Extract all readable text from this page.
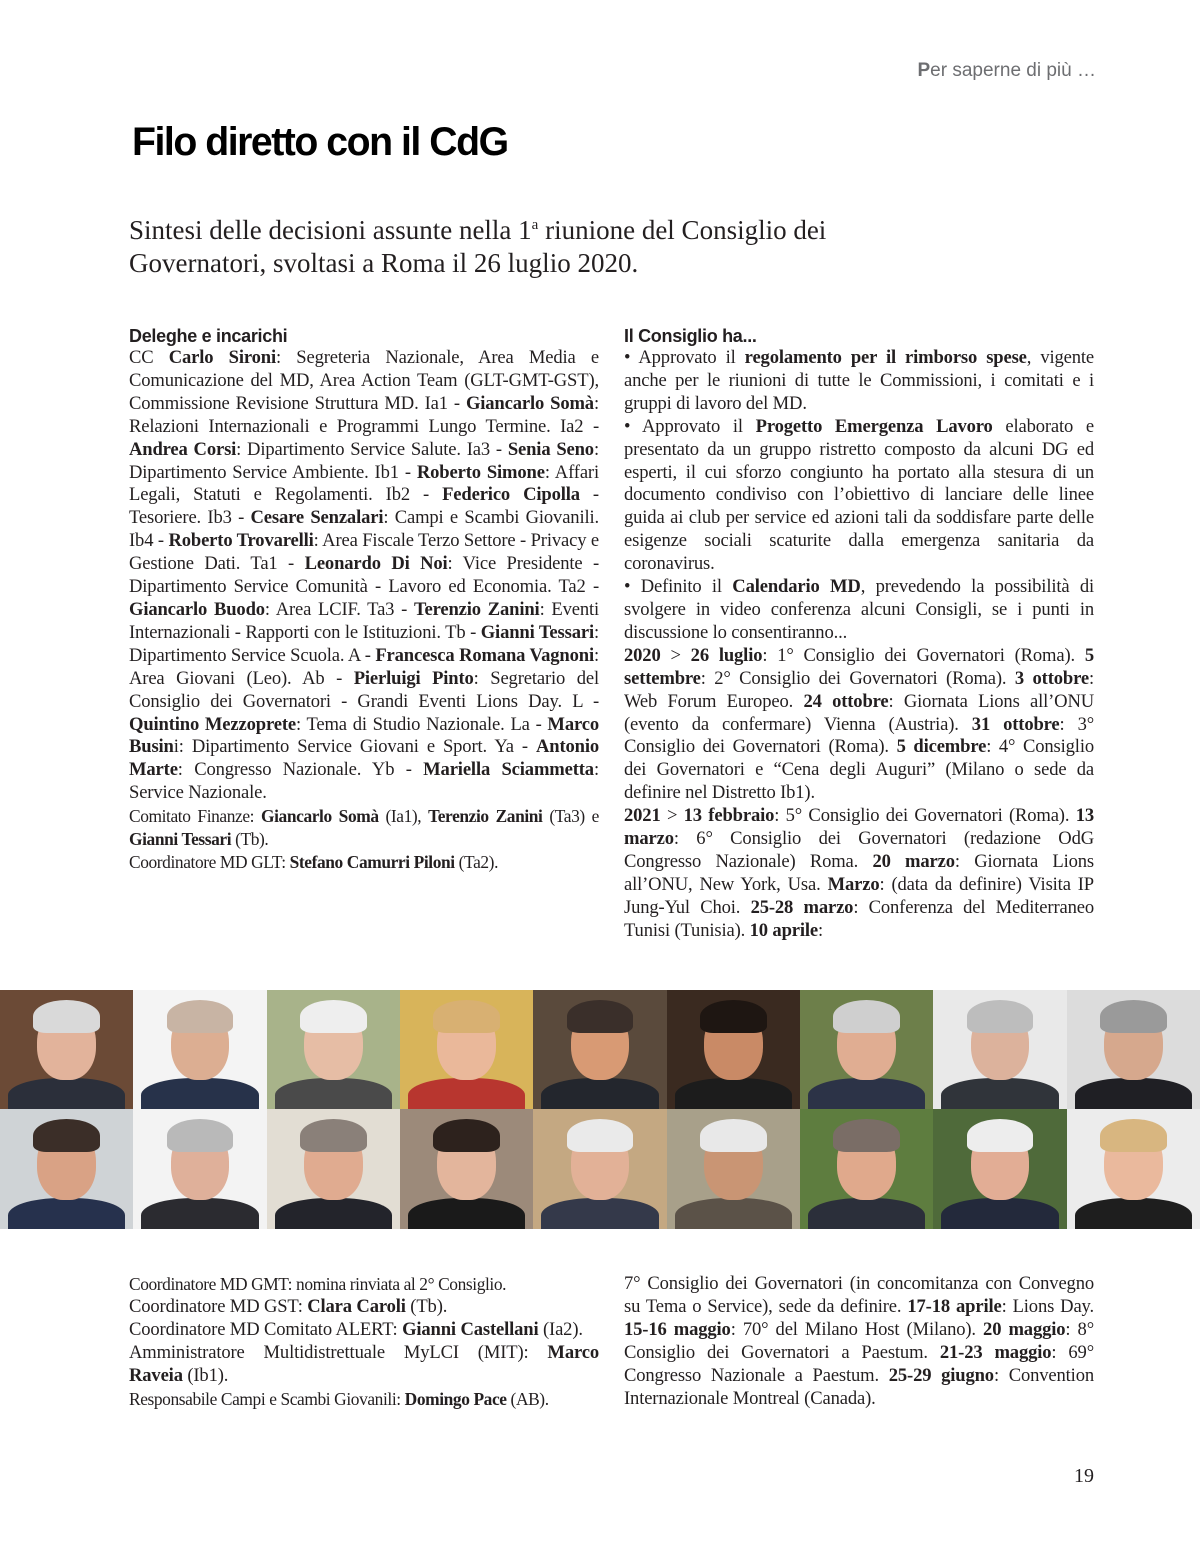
Per saperne di più …
Filo diretto con il CdG

Sintesi delle decisioni assunte nella 1$^a$ riunione del Consiglio dei Governatori, svoltasi a Roma il 26 luglio 2020.

Deleghe e incarichi

CC Carlo Sironi: Segreteria Nazionale, Area Media e Comunicazione del MD, Area Action Team (GLT-GMT-GST), Commissione Revisione Struttura MD. Ia1 - Giancarlo Somà: Relazioni Internazionali e Programmi Lungo Termine. Ia2 - Andrea Corsi: Dipartimento Service Salute. Ia3 - Senia Seno: Dipartimento Service Ambiente. Ib1 - Roberto Simone: Affari Legali, Statuti e Regolamenti. Ib2 - Federico Cipolla - Tesoriere. Ib3 - Cesare Senzalari: Campi e Scambi Giovanili. Ib4 - Roberto Trovarelli: Area Fiscale Terzo Settore - Privacy e Gestione Dati. Ta1 - Leonardo Di Noi: Vice Presidente - Dipartimento Service Comunità - Lavoro ed Economia. Ta2 - Giancarlo Buodo: Area LCIF. Ta3 - Terenzio Zanini: Eventi Internazionali - Rapporti con le Istituzioni. Tb - Gianni Tessari: Dipartimento Service Scuola. A - Francesca Romana Vagnoni: Area Giovani (Leo). Ab - Pierluigi Pinto: Segretario del Consiglio dei Governatori - Grandi Eventi Lions Day. L - Quintino Mezzoprete: Tema di Studio Nazionale. La - Marco Busini: Dipartimento Service Giovani e Sport. Ya - Antonio Marte: Congresso Nazionale. Yb - Mariella Sciammetta: Service Nazionale.

Comitato Finanze: Giancarlo Somà (Ia1), Terenzio Zanini (Ta3) e Gianni Tessari (Tb).

Coordinatore MD GLT: Stefano Camurri Piloni (Ta2).

Il Consiglio ha...

• Approvato il regolamento per il rimborso spese, vigente anche per le riunioni di tutte le Commissioni, i comitati e i gruppi di lavoro del MD.

• Approvato il Progetto Emergenza Lavoro elaborato e presentato da un gruppo ristretto composto da alcuni DG ed esperti, il cui sforzo congiunto ha portato alla stesura di un documento condiviso con l’obiettivo di lanciare delle linee guida ai club per service ed azioni tali da soddisfare parte delle esigenze sociali scaturite dalla emergenza sanitaria da coronavirus.

• Definito il Calendario MD, prevedendo la possibilità di svolgere in video conferenza alcuni Consigli, se i punti in discussione lo consentiranno...

2020 > 26 luglio: 1° Consiglio dei Governatori (Roma). 5 settembre: 2° Consiglio dei Governatori (Roma). 3 ottobre: Web Forum Europeo. 24 ottobre: Giornata Lions all’ONU (evento da confermare) Vienna (Austria). 31 ottobre: 3° Consiglio dei Governatori (Roma). 5 dicembre: 4° Consiglio dei Governatori e “Cena degli Auguri” (Milano o sede da definire nel Distretto Ib1).

2021 > 13 febbraio: 5° Consiglio dei Governatori (Roma). 13 marzo: 6° Consiglio dei Governatori (redazione OdG Congresso Nazionale) Roma. 20 marzo: Giornata Lions all’ONU, New York, Usa. Marzo: (data da definire) Visita IP Jung-Yul Choi. 25-28 marzo: Conferenza del Mediterraneo Tunisi (Tunisia). 10 aprile:

Coordinatore MD GMT: nomina rinviata al 2° Consiglio.

Coordinatore MD GST: Clara Caroli (Tb).

Coordinatore MD Comitato ALERT: Gianni Castellani (Ia2).

Amministratore Multidistrettuale MyLCI (MIT): Marco Raveia (Ib1).

Responsabile Campi e Scambi Giovanili: Domingo Pace (AB).

7° Consiglio dei Governatori (in concomitanza con Convegno su Tema o Service), sede da definire. 17-18 aprile: Lions Day. 15-16 maggio: 70° del Milano Host (Milano). 20 maggio: 8° Consiglio dei Governatori a Paestum. 21-23 maggio: 69° Congresso Nazionale a Paestum. 25-29 giugno: Convention Internazionale Montreal (Canada).

19
